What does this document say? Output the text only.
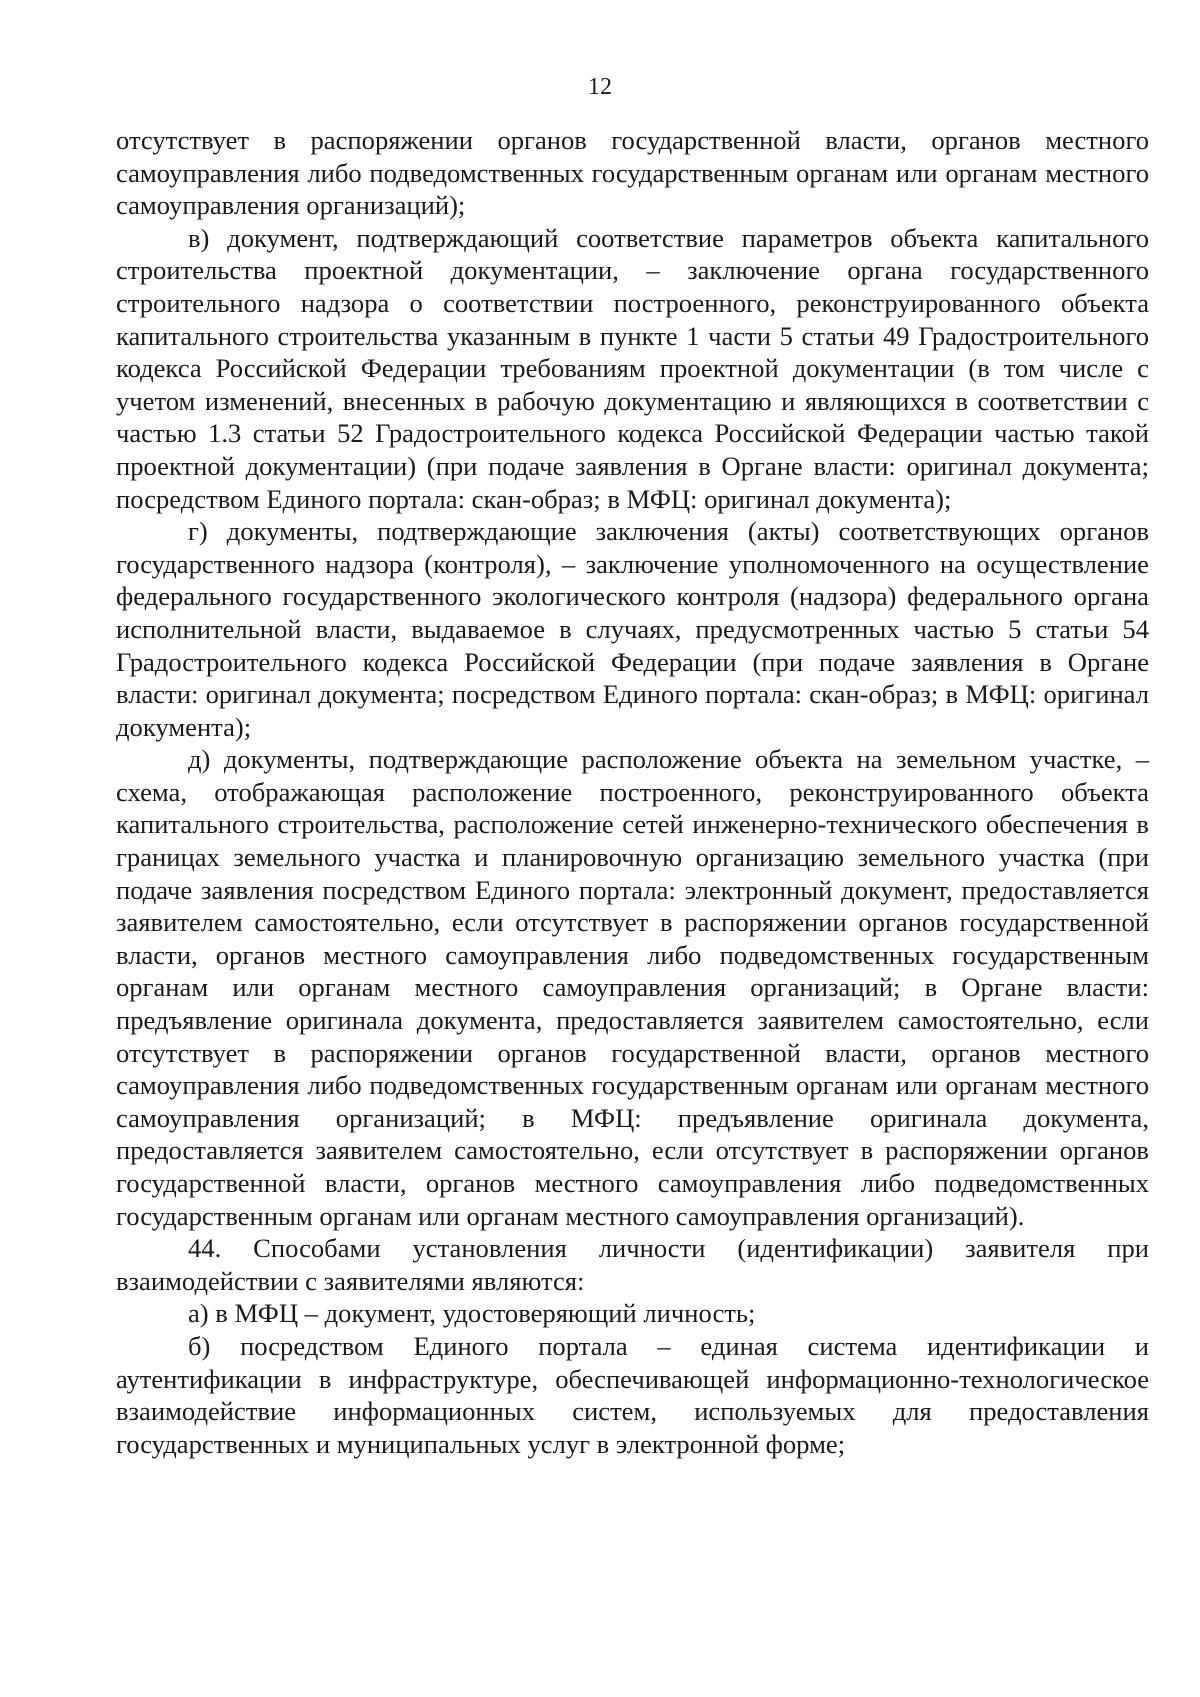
12

отсутствует в распоряжении органов государственной власти, органов местного самоуправления либо подведомственных государственным органам или органам местного самоуправления организаций);

в) документ, подтверждающий соответствие параметров объекта капитального строительства проектной документации, – заключение органа государственного строительного надзора о соответствии построенного, реконструированного объекта капитального строительства указанным в пункте 1 части 5 статьи 49 Градостроительного кодекса Российской Федерации требованиям проектной документации (в том числе с учетом изменений, внесенных в рабочую документацию и являющихся в соответствии с частью 1.3 статьи 52 Градостроительного кодекса Российской Федерации частью такой проектной документации) (при подаче заявления в Органе власти: оригинал документа; посредством Единого портала: скан-образ; в МФЦ: оригинал документа);

г) документы, подтверждающие заключения (акты) соответствующих органов государственного надзора (контроля), – заключение уполномоченного на осуществление федерального государственного экологического контроля (надзора) федерального органа исполнительной власти, выдаваемое в случаях, предусмотренных частью 5 статьи 54 Градостроительного кодекса Российской Федерации (при подаче заявления в Органе власти: оригинал документа; посредством Единого портала: скан-образ; в МФЦ: оригинал документа);

д) документы, подтверждающие расположение объекта на земельном участке, – схема, отображающая расположение построенного, реконструированного объекта капитального строительства, расположение сетей инженерно-технического обеспечения в границах земельного участка и планировочную организацию земельного участка (при подаче заявления посредством Единого портала: электронный документ, предоставляется заявителем самостоятельно, если отсутствует в распоряжении органов государственной власти, органов местного самоуправления либо подведомственных государственным органам или органам местного самоуправления организаций; в Органе власти: предъявление оригинала документа, предоставляется заявителем самостоятельно, если отсутствует в распоряжении органов государственной власти, органов местного самоуправления либо подведомственных государственным органам или органам местного самоуправления организаций; в МФЦ: предъявление оригинала документа, предоставляется заявителем самостоятельно, если отсутствует в распоряжении органов государственной власти, органов местного самоуправления либо подведомственных государственным органам или органам местного самоуправления организаций).

44. Способами установления личности (идентификации) заявителя при взаимодействии с заявителями являются:

а) в МФЦ – документ, удостоверяющий личность;

б) посредством Единого портала – единая система идентификации и аутентификации в инфраструктуре, обеспечивающей информационно-технологическое взаимодействие информационных систем, используемых для предоставления государственных и муниципальных услуг в электронной форме;
